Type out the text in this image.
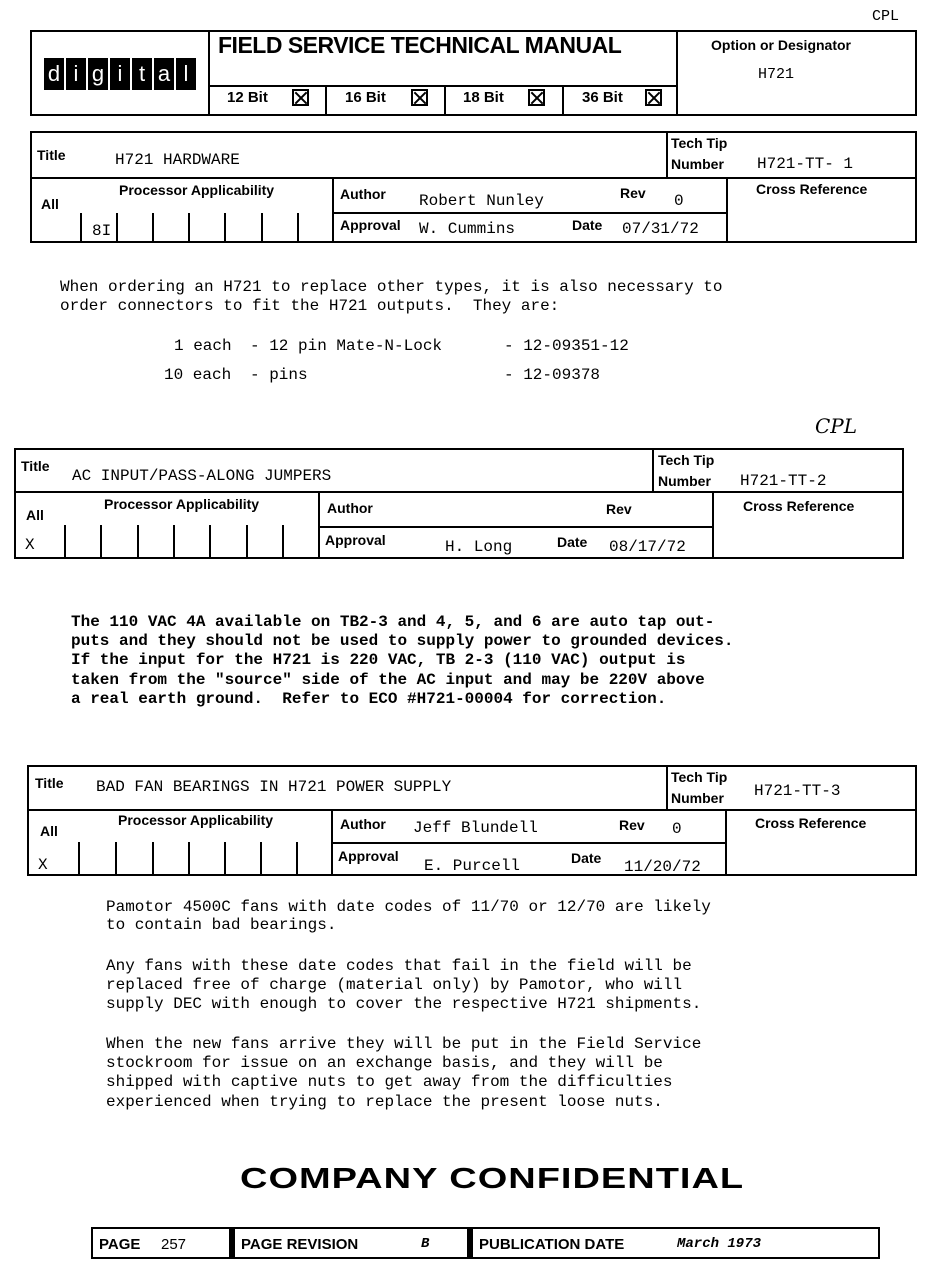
CPL
d i g i t a l
FIELD SERVICE TECHNICAL MANUAL
12 Bit	16 Bit	18 Bit	36 Bit
Option or Designator
H721
Title	H721 HARDWARE
Tech Tip
Number H721-TT- 1
All
Processor Applicability
8I
Author Robert Nunley	Rev 0
Approval W. Cummins	Date 07/31/72
Cross Reference
When ordering an H721 to replace other types, it is also necessary to
order connectors to fit the H721 outputs.  They are:
1 each - 12 pin Mate-N-Lock	- 12-09351-12
10 each - pins	- 12-09378
CPL
Title
AC INPUT/PASS-ALONG JUMPERS
Tech Tip
Number H721-TT-2
All
Processor Applicability
X
Author	Rev
Approval	H. Long	Date 08/17/72
Cross Reference
The 110 VAC 4A available on TB2-3 and 4, 5, and 6 are auto tap out-
puts and they should not be used to supply power to grounded devices.
If the input for the H721 is 220 VAC, TB 2-3 (110 VAC) output is
taken from the "source" side of the AC input and may be 220V above
a real earth ground.  Refer to ECO #H721-00004 for correction.
Title BAD FAN BEARINGS IN H721 POWER SUPPLY
Tech Tip
Number H721-TT-3
All
Processor Applicability
X
Author Jeff Blundell	Rev 0
Approval
E. Purcell	Date 11/20/72
Cross Reference
Pamotor 4500C fans with date codes of 11/70 or 12/70 are likely
to contain bad bearings.
Any fans with these date codes that fail in the field will be
replaced free of charge (material only) by Pamotor, who will
supply DEC with enough to cover the respective H721 shipments.
When the new fans arrive they will be put in the Field Service
stockroom for issue on an exchange basis, and they will be
shipped with captive nuts to get away from the difficulties
experienced when trying to replace the present loose nuts.
COMPANY CONFIDENTIAL
PAGE 257	PAGE REVISION	B	PUBLICATION DATE	March 1973
